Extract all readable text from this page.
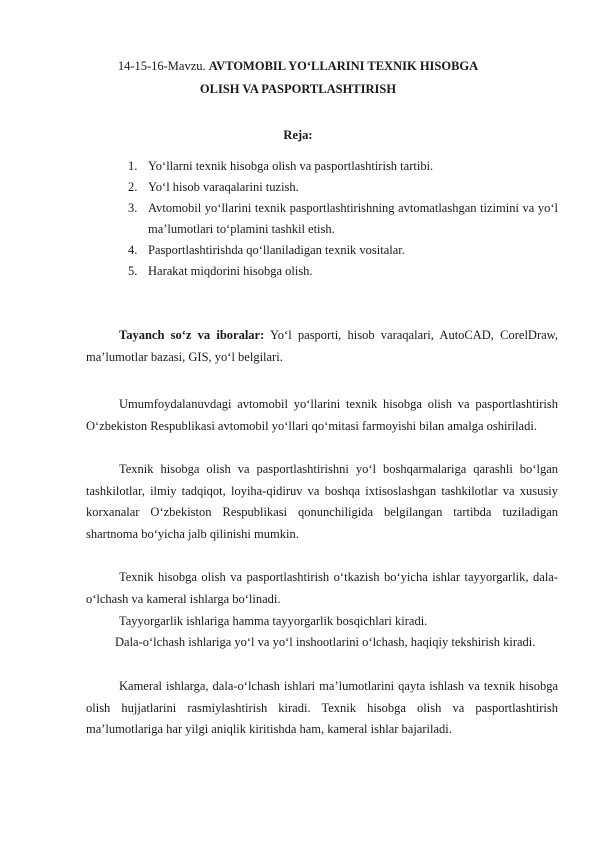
14-15-16-Mavzu. AVTOMOBIL YO‘LLARINI TEXNIK HISOBGA
OLISH VA PASPORTLASHTIRISH
Reja:
1. Yo‘llarni texnik hisobga olish va pasportlashtirish tartibi.
2. Yo‘l hisob varaqalarini tuzish.
3. Avtomobil yo‘llarini texnik pasportlashtirishning avtomatlashgan tizimini va yo‘l ma’lumotlari to‘plamini tashkil etish.
4. Pasportlashtirishda qo‘llaniladigan texnik vositalar.
5. Harakat miqdorini hisobga olish.

Tayanch so‘z va iboralar: Yo‘l pasporti, hisob varaqalari, AutoCAD, CorelDraw, ma’lumotlar bazasi, GIS, yo‘l belgilari.

Umumfoydalanuvdagi avtomobil yo‘llarini texnik hisobga olish va pasportlashtirish O‘zbekiston Respublikasi avtomobil yo‘llari qo‘mitasi farmoyishi bilan amalga oshiriladi.

Texnik hisobga olish va pasportlashtirishni yo‘l boshqarmalariga qarashli bo‘lgan tashkilotlar, ilmiy tadqiqot, loyiha-qidiruv va boshqa ixtisoslashgan tashkilotlar va xususiy korxanalar O‘zbekiston Respublikasi qonunchiligida belgilangan tartibda tuziladigan shartnoma bo‘yicha jalb qilinishi mumkin.

Texnik hisobga olish va pasportlashtirish o‘tkazish bo‘yicha ishlar tayyorgarlik, dala-o‘lchash va kameral ishlarga bo‘linadi.

Tayyorgarlik ishlariga hamma tayyorgarlik bosqichlari kiradi.

Dala-o‘lchash ishlariga yo‘l va yo‘l inshootlarini o‘lchash, haqiqiy tekshirish kiradi.

Kameral ishlarga, dala-o‘lchash ishlari ma’lumotlarini qayta ishlash va texnik hisobga olish hujjatlarini rasmiylashtirish kiradi. Texnik hisobga olish va pasportlashtirish ma’lumotlariga har yilgi aniqlik kiritishda ham, kameral ishlar bajariladi.
